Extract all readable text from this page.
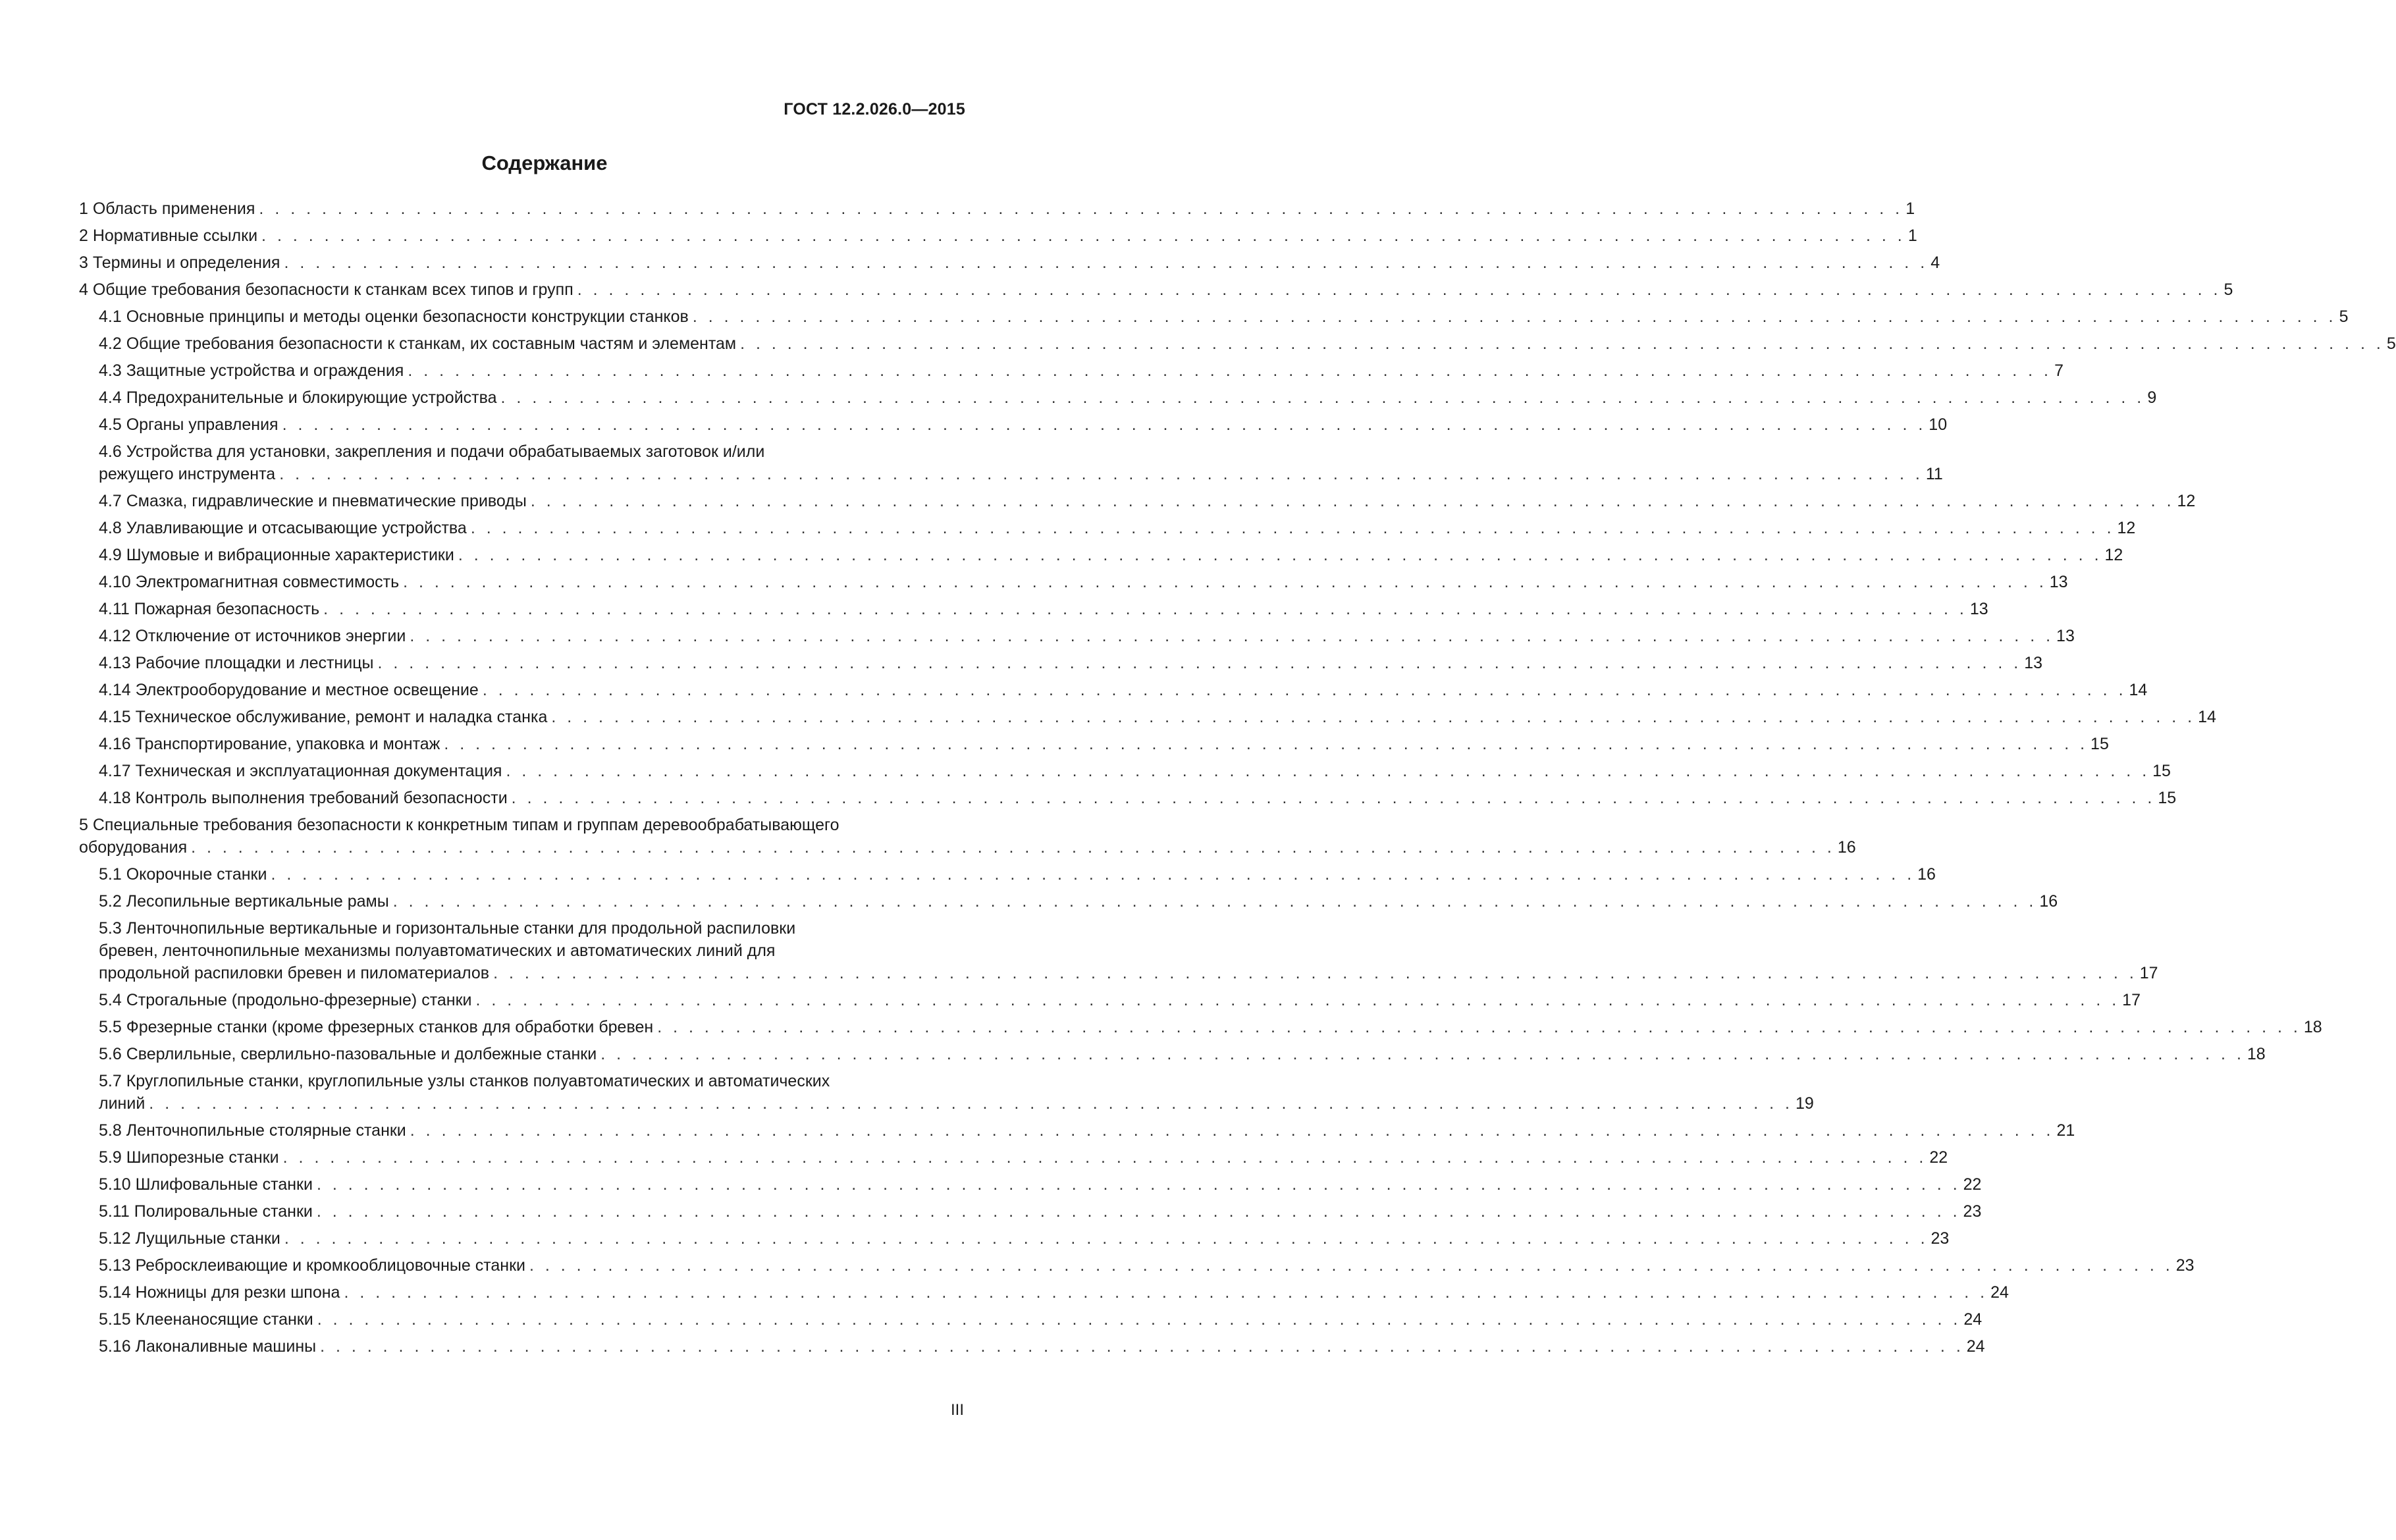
ГОСТ 12.2.026.0—2015
Содержание
1 Область применения . . . . . . . . . . . . . . . . . . . . . . . . . . . . . . . . . . . . . . . . . . . . . . . . . . . . . . . . . . . . . . . . . . . . . . . . . . . . . . . . . . . . . . . . . . . . . . . . . . . . . . . . . 1
2 Нормативные ссылки . . . . . . . . . . . . . . . . . . . . . . . . . . . . . . . . . . . . . . . . . . . . . . . . . . . . . . . . . . . . . . . . . . . . . . . . . . . . . . . . . . . . . . . . . . . . . . . . . . . . . . . . . 1
3 Термины и определения . . . . . . . . . . . . . . . . . . . . . . . . . . . . . . . . . . . . . . . . . . . . . . . . . . . . . . . . . . . . . . . . . . . . . . . . . . . . . . . . . . . . . . . . . . . . . . . . . . . . . . . . . 4
4 Общие требования безопасности к станкам всех типов и групп . . . . . . . . . . . . . . . . . . . . . . . . . . . . . . . . . . . . . . . . . . . . . . . . . . . . . . . . . . . . . . . . . . . . . . . . . . . . . . . . . . . . . . . . . . . . . . . . . . . . . . . . . 5
4.1 Основные принципы и методы оценки безопасности конструкции станков . . . . . . . . . . . . . . . . . . . . . . . . . . . . . . . . . . . . . . . . . . . . . . . . . . . . . . . . . . . . . . . . . . . . . . . . . . . . . . . . . . . . . . . . . . . . . . . . . . . . . . . . . 5
4.2 Общие требования безопасности к станкам, их составным частям и элементам . . . . . . . . . . . . . . . . . . . . . . . . . . . . . . . . . . . . . . . . . . . . . . . . . . . . . . . . . . . . . . . . . . . . . . . . . . . . . . . . . . . . . . . . . . . . . . . . . . . . . . . . . 5
4.3 Защитные устройства и ограждения . . . . . . . . . . . . . . . . . . . . . . . . . . . . . . . . . . . . . . . . . . . . . . . . . . . . . . . . . . . . . . . . . . . . . . . . . . . . . . . . . . . . . . . . . . . . . . . . . . . . . . . . . 7
4.4 Предохранительные и блокирующие устройства . . . . . . . . . . . . . . . . . . . . . . . . . . . . . . . . . . . . . . . . . . . . . . . . . . . . . . . . . . . . . . . . . . . . . . . . . . . . . . . . . . . . . . . . . . . . . . . . . . . . . . . . . 9
4.5 Органы управления . . . . . . . . . . . . . . . . . . . . . . . . . . . . . . . . . . . . . . . . . . . . . . . . . . . . . . . . . . . . . . . . . . . . . . . . . . . . . . . . . . . . . . . . . . . . . . . . . . . . . . . . . 10
4.6 Устройства для установки, закрепления и подачи обрабатываемых заготовок и/или
режущего инструмента . . . . . . . . . . . . . . . . . . . . . . . . . . . . . . . . . . . . . . . . . . . . . . . . . . . . . . . . . . . . . . . . . . . . . . . . . . . . . . . . . . . . . . . . . . . . . . . . . . . . . . . . . 11
4.7 Смазка, гидравлические и пневматические приводы . . . . . . . . . . . . . . . . . . . . . . . . . . . . . . . . . . . . . . . . . . . . . . . . . . . . . . . . . . . . . . . . . . . . . . . . . . . . . . . . . . . . . . . . . . . . . . . . . . . . . . . . . 12
4.8 Улавливающие и отсасывающие устройства . . . . . . . . . . . . . . . . . . . . . . . . . . . . . . . . . . . . . . . . . . . . . . . . . . . . . . . . . . . . . . . . . . . . . . . . . . . . . . . . . . . . . . . . . . . . . . . . . . . . . . . . . 12
4.9 Шумовые и вибрационные характеристики . . . . . . . . . . . . . . . . . . . . . . . . . . . . . . . . . . . . . . . . . . . . . . . . . . . . . . . . . . . . . . . . . . . . . . . . . . . . . . . . . . . . . . . . . . . . . . . . . . . . . . . . . 12
4.10 Электромагнитная совместимость . . . . . . . . . . . . . . . . . . . . . . . . . . . . . . . . . . . . . . . . . . . . . . . . . . . . . . . . . . . . . . . . . . . . . . . . . . . . . . . . . . . . . . . . . . . . . . . . . . . . . . . . . 13
4.11 Пожарная безопасность . . . . . . . . . . . . . . . . . . . . . . . . . . . . . . . . . . . . . . . . . . . . . . . . . . . . . . . . . . . . . . . . . . . . . . . . . . . . . . . . . . . . . . . . . . . . . . . . . . . . . . . . . 13
4.12 Отключение от источников энергии . . . . . . . . . . . . . . . . . . . . . . . . . . . . . . . . . . . . . . . . . . . . . . . . . . . . . . . . . . . . . . . . . . . . . . . . . . . . . . . . . . . . . . . . . . . . . . . . . . . . . . . . . 13
4.13 Рабочие площадки и лестницы . . . . . . . . . . . . . . . . . . . . . . . . . . . . . . . . . . . . . . . . . . . . . . . . . . . . . . . . . . . . . . . . . . . . . . . . . . . . . . . . . . . . . . . . . . . . . . . . . . . . . . . . . 13
4.14 Электрооборудование и местное освещение . . . . . . . . . . . . . . . . . . . . . . . . . . . . . . . . . . . . . . . . . . . . . . . . . . . . . . . . . . . . . . . . . . . . . . . . . . . . . . . . . . . . . . . . . . . . . . . . . . . . . . . . . 14
4.15 Техническое обслуживание, ремонт и наладка станка . . . . . . . . . . . . . . . . . . . . . . . . . . . . . . . . . . . . . . . . . . . . . . . . . . . . . . . . . . . . . . . . . . . . . . . . . . . . . . . . . . . . . . . . . . . . . . . . . . . . . . . . . 14
4.16 Транспортирование, упаковка и монтаж . . . . . . . . . . . . . . . . . . . . . . . . . . . . . . . . . . . . . . . . . . . . . . . . . . . . . . . . . . . . . . . . . . . . . . . . . . . . . . . . . . . . . . . . . . . . . . . . . . . . . . . . . 15
4.17 Техническая и эксплуатационная документация . . . . . . . . . . . . . . . . . . . . . . . . . . . . . . . . . . . . . . . . . . . . . . . . . . . . . . . . . . . . . . . . . . . . . . . . . . . . . . . . . . . . . . . . . . . . . . . . . . . . . . . . . 15
4.18 Контроль выполнения требований безопасности . . . . . . . . . . . . . . . . . . . . . . . . . . . . . . . . . . . . . . . . . . . . . . . . . . . . . . . . . . . . . . . . . . . . . . . . . . . . . . . . . . . . . . . . . . . . . . . . . . . . . . . . . 15
5 Специальные требования безопасности к конкретным типам и группам деревообрабатывающего
оборудования . . . . . . . . . . . . . . . . . . . . . . . . . . . . . . . . . . . . . . . . . . . . . . . . . . . . . . . . . . . . . . . . . . . . . . . . . . . . . . . . . . . . . . . . . . . . . . . . . . . . . . . . . 16
5.1 Окорочные станки . . . . . . . . . . . . . . . . . . . . . . . . . . . . . . . . . . . . . . . . . . . . . . . . . . . . . . . . . . . . . . . . . . . . . . . . . . . . . . . . . . . . . . . . . . . . . . . . . . . . . . . . . 16
5.2 Лесопильные вертикальные рамы . . . . . . . . . . . . . . . . . . . . . . . . . . . . . . . . . . . . . . . . . . . . . . . . . . . . . . . . . . . . . . . . . . . . . . . . . . . . . . . . . . . . . . . . . . . . . . . . . . . . . . . . . 16
5.3 Ленточнопильные вертикальные и горизонтальные станки для продольной распиловки
бревен, ленточнопильные механизмы полуавтоматических и автоматических линий для
продольной распиловки бревен и пиломатериалов . . . . . . . . . . . . . . . . . . . . . . . . . . . . . . . . . . . . . . . . . . . . . . . . . . . . . . . . . . . . . . . . . . . . . . . . . . . . . . . . . . . . . . . . . . . . . . . . . . . . . . . . . 17
5.4 Строгальные (продольно-фрезерные) станки . . . . . . . . . . . . . . . . . . . . . . . . . . . . . . . . . . . . . . . . . . . . . . . . . . . . . . . . . . . . . . . . . . . . . . . . . . . . . . . . . . . . . . . . . . . . . . . . . . . . . . . . . 17
5.5 Фрезерные станки (кроме фрезерных станков для обработки бревен . . . . . . . . . . . . . . . . . . . . . . . . . . . . . . . . . . . . . . . . . . . . . . . . . . . . . . . . . . . . . . . . . . . . . . . . . . . . . . . . . . . . . . . . . . . . . . . . . . . . . . . . . 18
5.6 Сверлильные, сверлильно-пазовальные и долбежные станки . . . . . . . . . . . . . . . . . . . . . . . . . . . . . . . . . . . . . . . . . . . . . . . . . . . . . . . . . . . . . . . . . . . . . . . . . . . . . . . . . . . . . . . . . . . . . . . . . . . . . . . . . 18
5.7 Круглопильные станки, круглопильные узлы станков полуавтоматических и автоматических
линий . . . . . . . . . . . . . . . . . . . . . . . . . . . . . . . . . . . . . . . . . . . . . . . . . . . . . . . . . . . . . . . . . . . . . . . . . . . . . . . . . . . . . . . . . . . . . . . . . . . . . . . . . 19
5.8 Ленточнопильные столярные станки . . . . . . . . . . . . . . . . . . . . . . . . . . . . . . . . . . . . . . . . . . . . . . . . . . . . . . . . . . . . . . . . . . . . . . . . . . . . . . . . . . . . . . . . . . . . . . . . . . . . . . . . . 21
5.9 Шипорезные станки . . . . . . . . . . . . . . . . . . . . . . . . . . . . . . . . . . . . . . . . . . . . . . . . . . . . . . . . . . . . . . . . . . . . . . . . . . . . . . . . . . . . . . . . . . . . . . . . . . . . . . . . . 22
5.10 Шлифовальные станки . . . . . . . . . . . . . . . . . . . . . . . . . . . . . . . . . . . . . . . . . . . . . . . . . . . . . . . . . . . . . . . . . . . . . . . . . . . . . . . . . . . . . . . . . . . . . . . . . . . . . . . . . 22
5.11 Полировальные станки . . . . . . . . . . . . . . . . . . . . . . . . . . . . . . . . . . . . . . . . . . . . . . . . . . . . . . . . . . . . . . . . . . . . . . . . . . . . . . . . . . . . . . . . . . . . . . . . . . . . . . . . . 23
5.12 Лущильные станки . . . . . . . . . . . . . . . . . . . . . . . . . . . . . . . . . . . . . . . . . . . . . . . . . . . . . . . . . . . . . . . . . . . . . . . . . . . . . . . . . . . . . . . . . . . . . . . . . . . . . . . . . 23
5.13 Ребросклеивающие и кромкооблицовочные станки . . . . . . . . . . . . . . . . . . . . . . . . . . . . . . . . . . . . . . . . . . . . . . . . . . . . . . . . . . . . . . . . . . . . . . . . . . . . . . . . . . . . . . . . . . . . . . . . . . . . . . . . . 23
5.14 Ножницы для резки шпона . . . . . . . . . . . . . . . . . . . . . . . . . . . . . . . . . . . . . . . . . . . . . . . . . . . . . . . . . . . . . . . . . . . . . . . . . . . . . . . . . . . . . . . . . . . . . . . . . . . . . . . . . 24
5.15 Клеенаносящие станки . . . . . . . . . . . . . . . . . . . . . . . . . . . . . . . . . . . . . . . . . . . . . . . . . . . . . . . . . . . . . . . . . . . . . . . . . . . . . . . . . . . . . . . . . . . . . . . . . . . . . . . . . 24
5.16 Лаконаливные машины . . . . . . . . . . . . . . . . . . . . . . . . . . . . . . . . . . . . . . . . . . . . . . . . . . . . . . . . . . . . . . . . . . . . . . . . . . . . . . . . . . . . . . . . . . . . . . . . . . . . . . . . . 24
III
